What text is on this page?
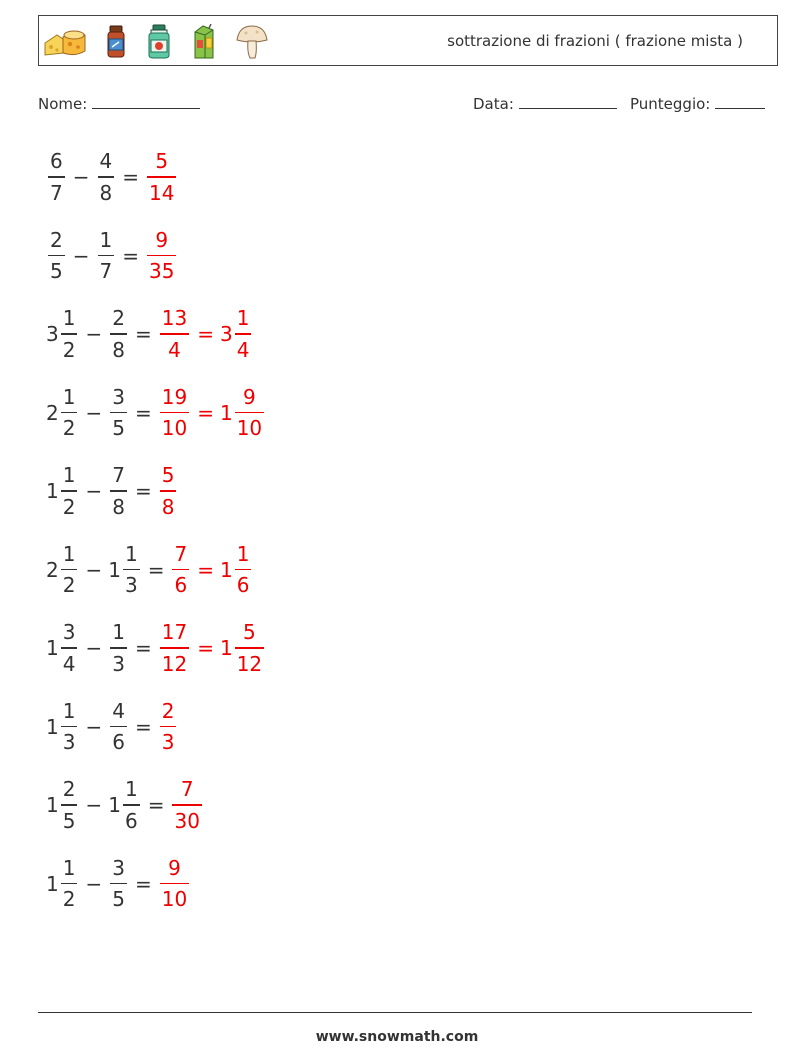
sottrazione di frazioni ( frazione mista )
Nome:	Data:	Punteggio:
$\frac{6}{7} - \frac{4}{8} = \frac{5}{14}$
$\frac{2}{5} - \frac{1}{7} = \frac{9}{35}$
$3 \frac{1}{2} - \frac{2}{8} = \frac{13}{4} = 3 \frac{1}{4}$
$2 \frac{1}{2} - \frac{3}{5} = \frac{19}{10} = 1 \frac{9}{10}$
$1 \frac{1}{2} - \frac{7}{8} = \frac{5}{8}$
$2 \frac{1}{2} - 1 \frac{1}{3} = \frac{7}{6} = 1 \frac{1}{6}$
$1 \frac{3}{4} - \frac{1}{3} = \frac{17}{12} = 1 \frac{5}{12}$
$1 \frac{1}{3} - \frac{4}{6} = \frac{2}{3}$
$1 \frac{2}{5} - 1 \frac{1}{6} = \frac{7}{30}$
$1 \frac{1}{2} - \frac{3}{5} = \frac{9}{10}$
www.snowmath.com
